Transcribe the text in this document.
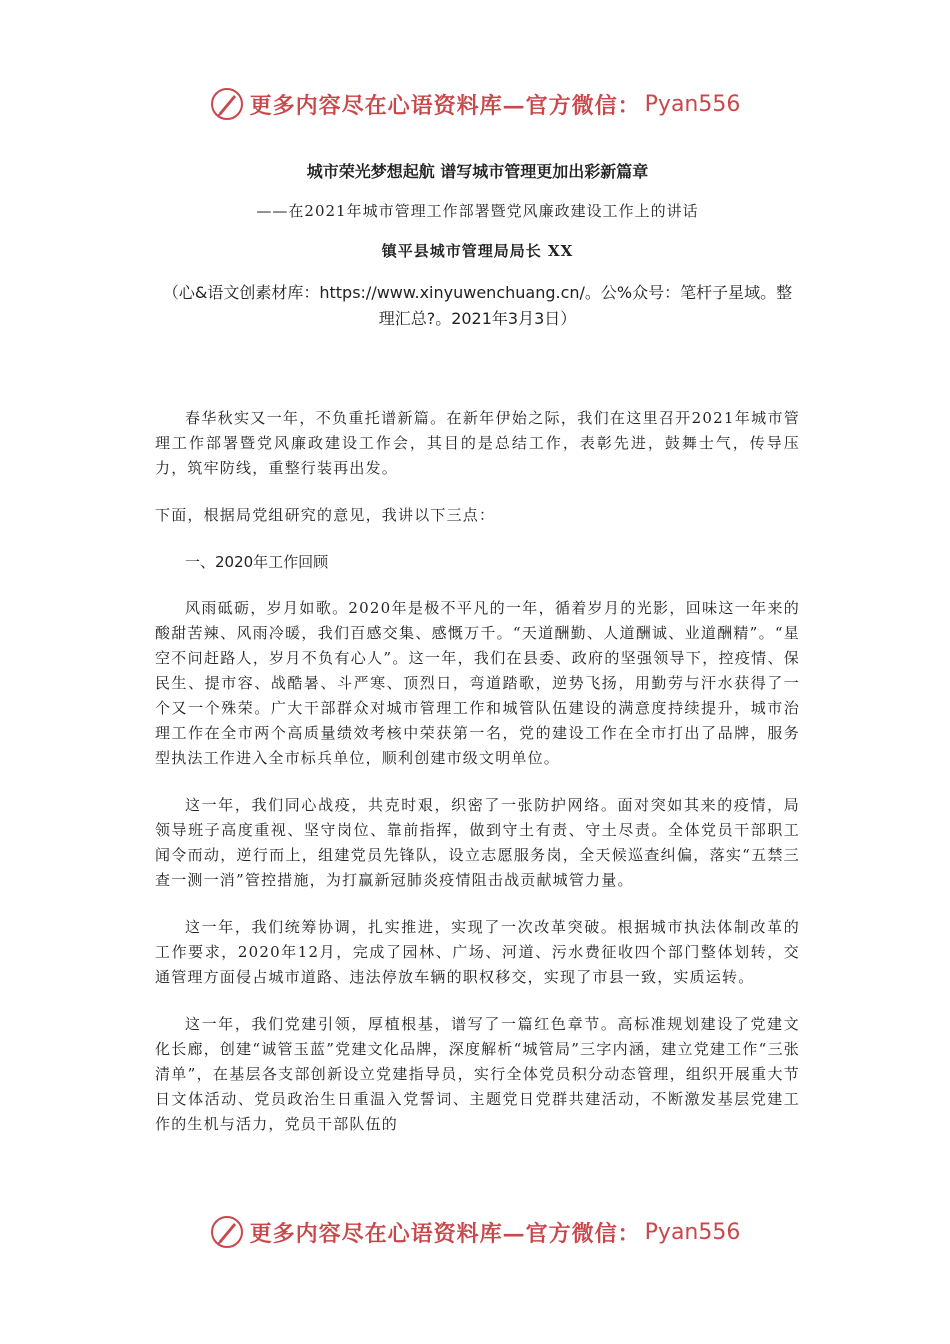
更多内容尽在心语资料库—官方微信： Pyan556
城市荣光梦想起航 谱写城市管理更加出彩新篇章
——在2021年城市管理工作部署暨党风廉政建设工作上的讲话
镇平县城市管理局局长 XX
（心&语文创素材库：https://www.xinyuwenchuang.cn/。公%众号：笔杆子星域。整理汇总?。2021年3月3日）

春华秋实又一年，不负重托谱新篇。在新年伊始之际，我们在这里召开2021年城市管理工作部署暨党风廉政建设工作会，其目的是总结工作，表彰先进，鼓舞士气，传导压力，筑牢防线，重整行装再出发。

下面，根据局党组研究的意见，我讲以下三点：

一、2020年工作回顾

风雨砥砺，岁月如歌。2020年是极不平凡的一年，循着岁月的光影，回味这一年来的酸甜苦辣、风雨冷暖，我们百感交集、感慨万千。“天道酬勤、人道酬诚、业道酬精”。“星空不问赶路人，岁月不负有心人”。这一年，我们在县委、政府的坚强领导下，控疫情、保民生、提市容、战酷暑、斗严寒、顶烈日，弯道踏歌，逆势飞扬，用勤劳与汗水获得了一个又一个殊荣。广大干部群众对城市管理工作和城管队伍建设的满意度持续提升，城市治理工作在全市两个高质量绩效考核中荣获第一名，党的建设工作在全市打出了品牌，服务型执法工作进入全市标兵单位，顺利创建市级文明单位。

这一年，我们同心战疫，共克时艰，织密了一张防护网络。面对突如其来的疫情，局领导班子高度重视、坚守岗位、靠前指挥，做到守土有责、守土尽责。全体党员干部职工闻令而动，逆行而上，组建党员先锋队，设立志愿服务岗，全天候巡查纠偏，落实“五禁三查一测一消”管控措施，为打赢新冠肺炎疫情阻击战贡献城管力量。

这一年，我们统筹协调，扎实推进，实现了一次改革突破。根据城市执法体制改革的工作要求，2020年12月，完成了园林、广场、河道、污水费征收四个部门整体划转，交通管理方面侵占城市道路、违法停放车辆的职权移交，实现了市县一致，实质运转。

这一年，我们党建引领，厚植根基，谱写了一篇红色章节。高标准规划建设了党建文化长廊，创建“诚管玉蓝”党建文化品牌，深度解析“城管局”三字内涵，建立党建工作“三张清单”，在基层各支部创新设立党建指导员，实行全体党员积分动态管理，组织开展重大节日文体活动、党员政治生日重温入党誓词、主题党日党群共建活动，不断激发基层党建工作的生机与活力，党员干部队伍的

更多内容尽在心语资料库—官方微信： Pyan556
